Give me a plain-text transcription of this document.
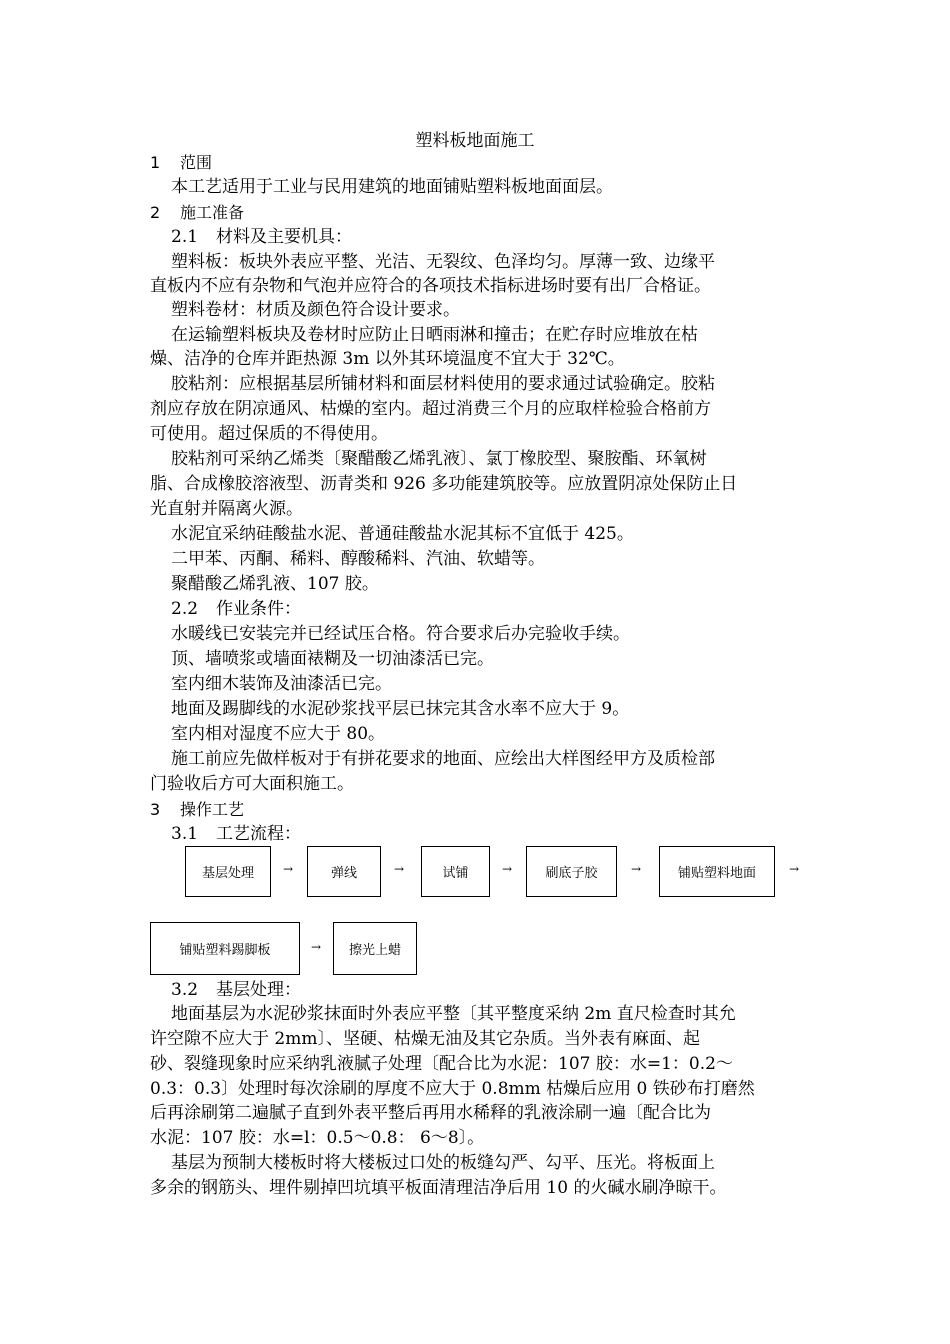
塑料板地面施工
1 范围
本工艺适用于工业与民用建筑的地面铺贴塑料板地面面层。
2 施工准备
2.1 材料及主要机具：
塑料板：板块外表应平整、光洁、无裂纹、色泽均匀。厚薄一致、边缘平
直板内不应有杂物和气泡并应符合的各项技术指标进场时要有出厂合格证。
塑料卷材：材质及颜色符合设计要求。
在运输塑料板块及卷材时应防止日晒雨淋和撞击；在贮存时应堆放在枯
燥、洁净的仓库并距热源 3m 以外其环境温度不宜大于 32℃。
胶粘剂：应根据基层所铺材料和面层材料使用的要求通过试验确定。胶粘
剂应存放在阴凉通风、枯燥的室内。超过消费三个月的应取样检验合格前方
可使用。超过保质的不得使用。
胶粘剂可采纳乙烯类〔聚醋酸乙烯乳液〕、氯丁橡胶型、聚胺酯、环氧树
脂、合成橡胶溶液型、沥青类和 926 多功能建筑胶等。应放置阴凉处保防止日
光直射并隔离火源。
水泥宜采纳硅酸盐水泥、普通硅酸盐水泥其标不宜低于 425。
二甲苯、丙酮、稀料、醇酸稀料、汽油、软蜡等。
聚醋酸乙烯乳液、107 胶。
2.2 作业条件：
水暖线已安装完并已经试压合格。符合要求后办完验收手续。
顶、墙喷浆或墙面裱糊及一切油漆活已完。
室内细木装饰及油漆活已完。
地面及踢脚线的水泥砂浆找平层已抹完其含水率不应大于 9。
室内相对湿度不应大于 80。
施工前应先做样板对于有拼花要求的地面、应绘出大样图经甲方及质检部
门验收后方可大面积施工。
3 操作工艺
3.1 工艺流程：
基层处理	→	弹线	→	试铺	→	刷底子胶	→	铺贴塑料地面	→
铺贴塑料踢脚板	→	擦光上蜡
3.2 基层处理：
地面基层为水泥砂浆抹面时外表应平整〔其平整度采纳 2m 直尺检查时其允
许空隙不应大于 2mm〕、坚硬、枯燥无油及其它杂质。当外表有麻面、起
砂、裂缝现象时应采纳乳液腻子处理〔配合比为水泥：107 胶：水=1：0.2～
0.3：0.3〕处理时每次涂刷的厚度不应大于 0.8mm 枯燥后应用 0 铁砂布打磨然
后再涂刷第二遍腻子直到外表平整后再用水稀释的乳液涂刷一遍〔配合比为
水泥：107 胶：水=l：0.5～0.8： 6～8〕。
基层为预制大楼板时将大楼板过口处的板缝勾严、勾平、压光。将板面上
多余的钢筋头、埋件剔掉凹坑填平板面清理洁净后用 10 的火碱水刷净晾干。
